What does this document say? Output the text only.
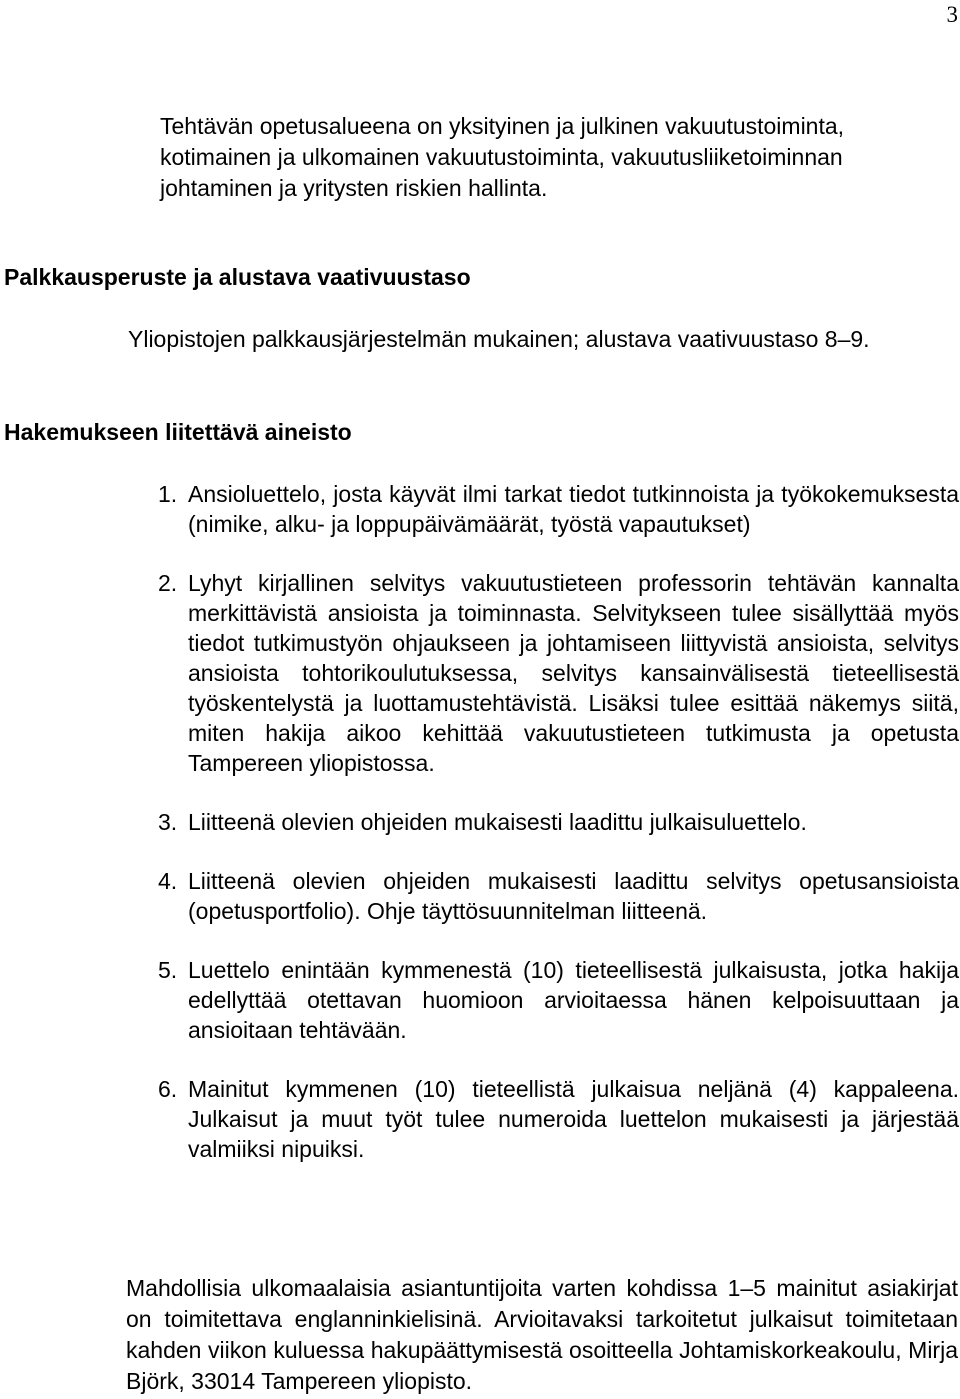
3
Tehtävän opetusalueena on yksityinen ja julkinen vakuutustoiminta, kotimainen ja ulkomainen vakuutustoiminta, vakuutusliiketoiminnan johtaminen ja yritysten riskien hallinta.
Palkkausperuste ja alustava vaativuustaso
Yliopistojen palkkausjärjestelmän mukainen; alustava vaativuustaso 8–9.
Hakemukseen liitettävä aineisto
1. Ansioluettelo, josta käyvät ilmi tarkat tiedot tutkinnoista ja työkokemuksesta (nimike, alku- ja loppupäivämäärät, työstä vapautukset)
2. Lyhyt kirjallinen selvitys vakuutustieteen professorin tehtävän kannalta merkittävistä ansioista ja toiminnasta. Selvitykseen tulee sisällyttää myös tiedot tutkimustyön ohjaukseen ja johtamiseen liittyvistä ansioista, selvitys ansioista tohtorikoulutuksessa, selvitys kansainvälisestä tieteellisestä työskentelystä ja luottamustehtävistä. Lisäksi tulee esittää näkemys siitä, miten hakija aikoo kehittää vakuutustieteen tutkimusta ja opetusta Tampereen yliopistossa.
3. Liitteenä olevien ohjeiden mukaisesti laadittu julkaisuluettelo.
4. Liitteenä olevien ohjeiden mukaisesti laadittu selvitys opetusansioista (opetusportfolio). Ohje täyttösuunnitelman liitteenä.
5. Luettelo enintään kymmenestä (10) tieteellisestä julkaisusta, jotka hakija edellyttää otettavan huomioon arvioitaessa hänen kelpoisuuttaan ja ansioitaan tehtävään.
6. Mainitut kymmenen (10) tieteellistä julkaisua neljänä (4) kappaleena. Julkaisut ja muut työt tulee numeroida luettelon mukaisesti ja järjestää valmiiksi nipuiksi.
Mahdollisia ulkomaalaisia asiantuntijoita varten kohdissa 1–5 mainitut asiakirjat on toimitettava englanninkielisinä. Arvioitavaksi tarkoitetut julkaisut toimitetaan kahden viikon kuluessa hakupäättymisestä osoitteella Johtamiskorkeakoulu, Mirja Björk, 33014 Tampereen yliopisto.
